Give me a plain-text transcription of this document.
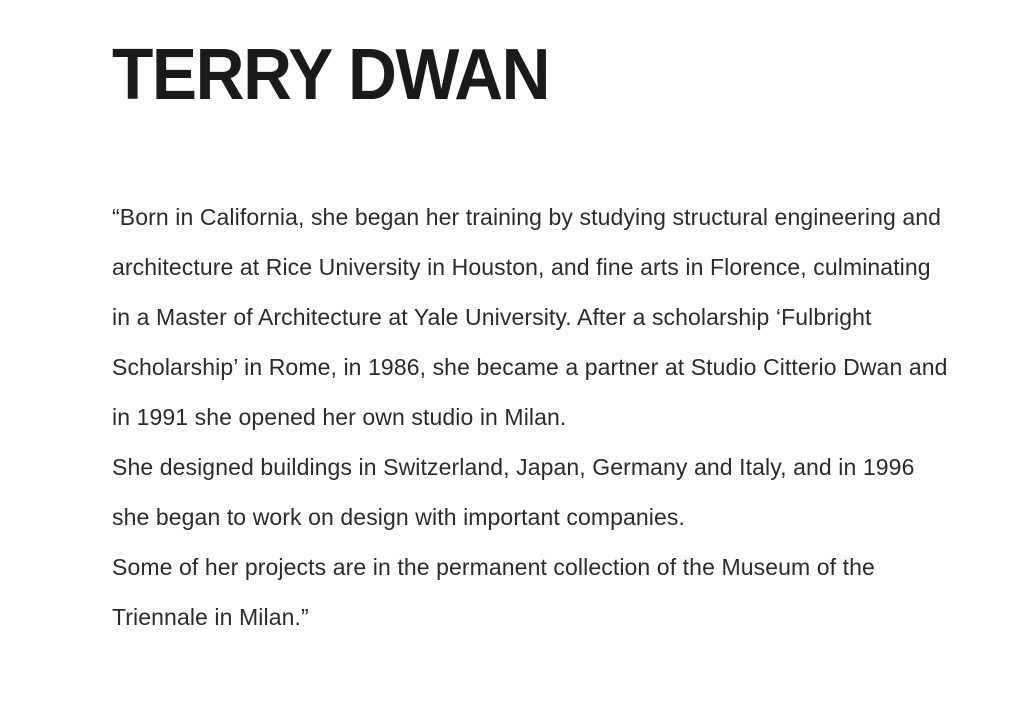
TERRY DWAN

“Born in California, she began her training by studying structural engineering and architecture at Rice University in Houston, and fine arts in Florence, culminating in a Master of Architecture at Yale University. After a scholarship ‘Fulbright Scholarship’ in Rome, in 1986, she became a partner at Studio Citterio Dwan and in 1991 she opened her own studio in Milan.

She designed buildings in Switzerland, Japan, Germany and Italy, and in 1996 she began to work on design with important companies.

Some of her projects are in the permanent collection of the Museum of the Triennale in Milan.”
